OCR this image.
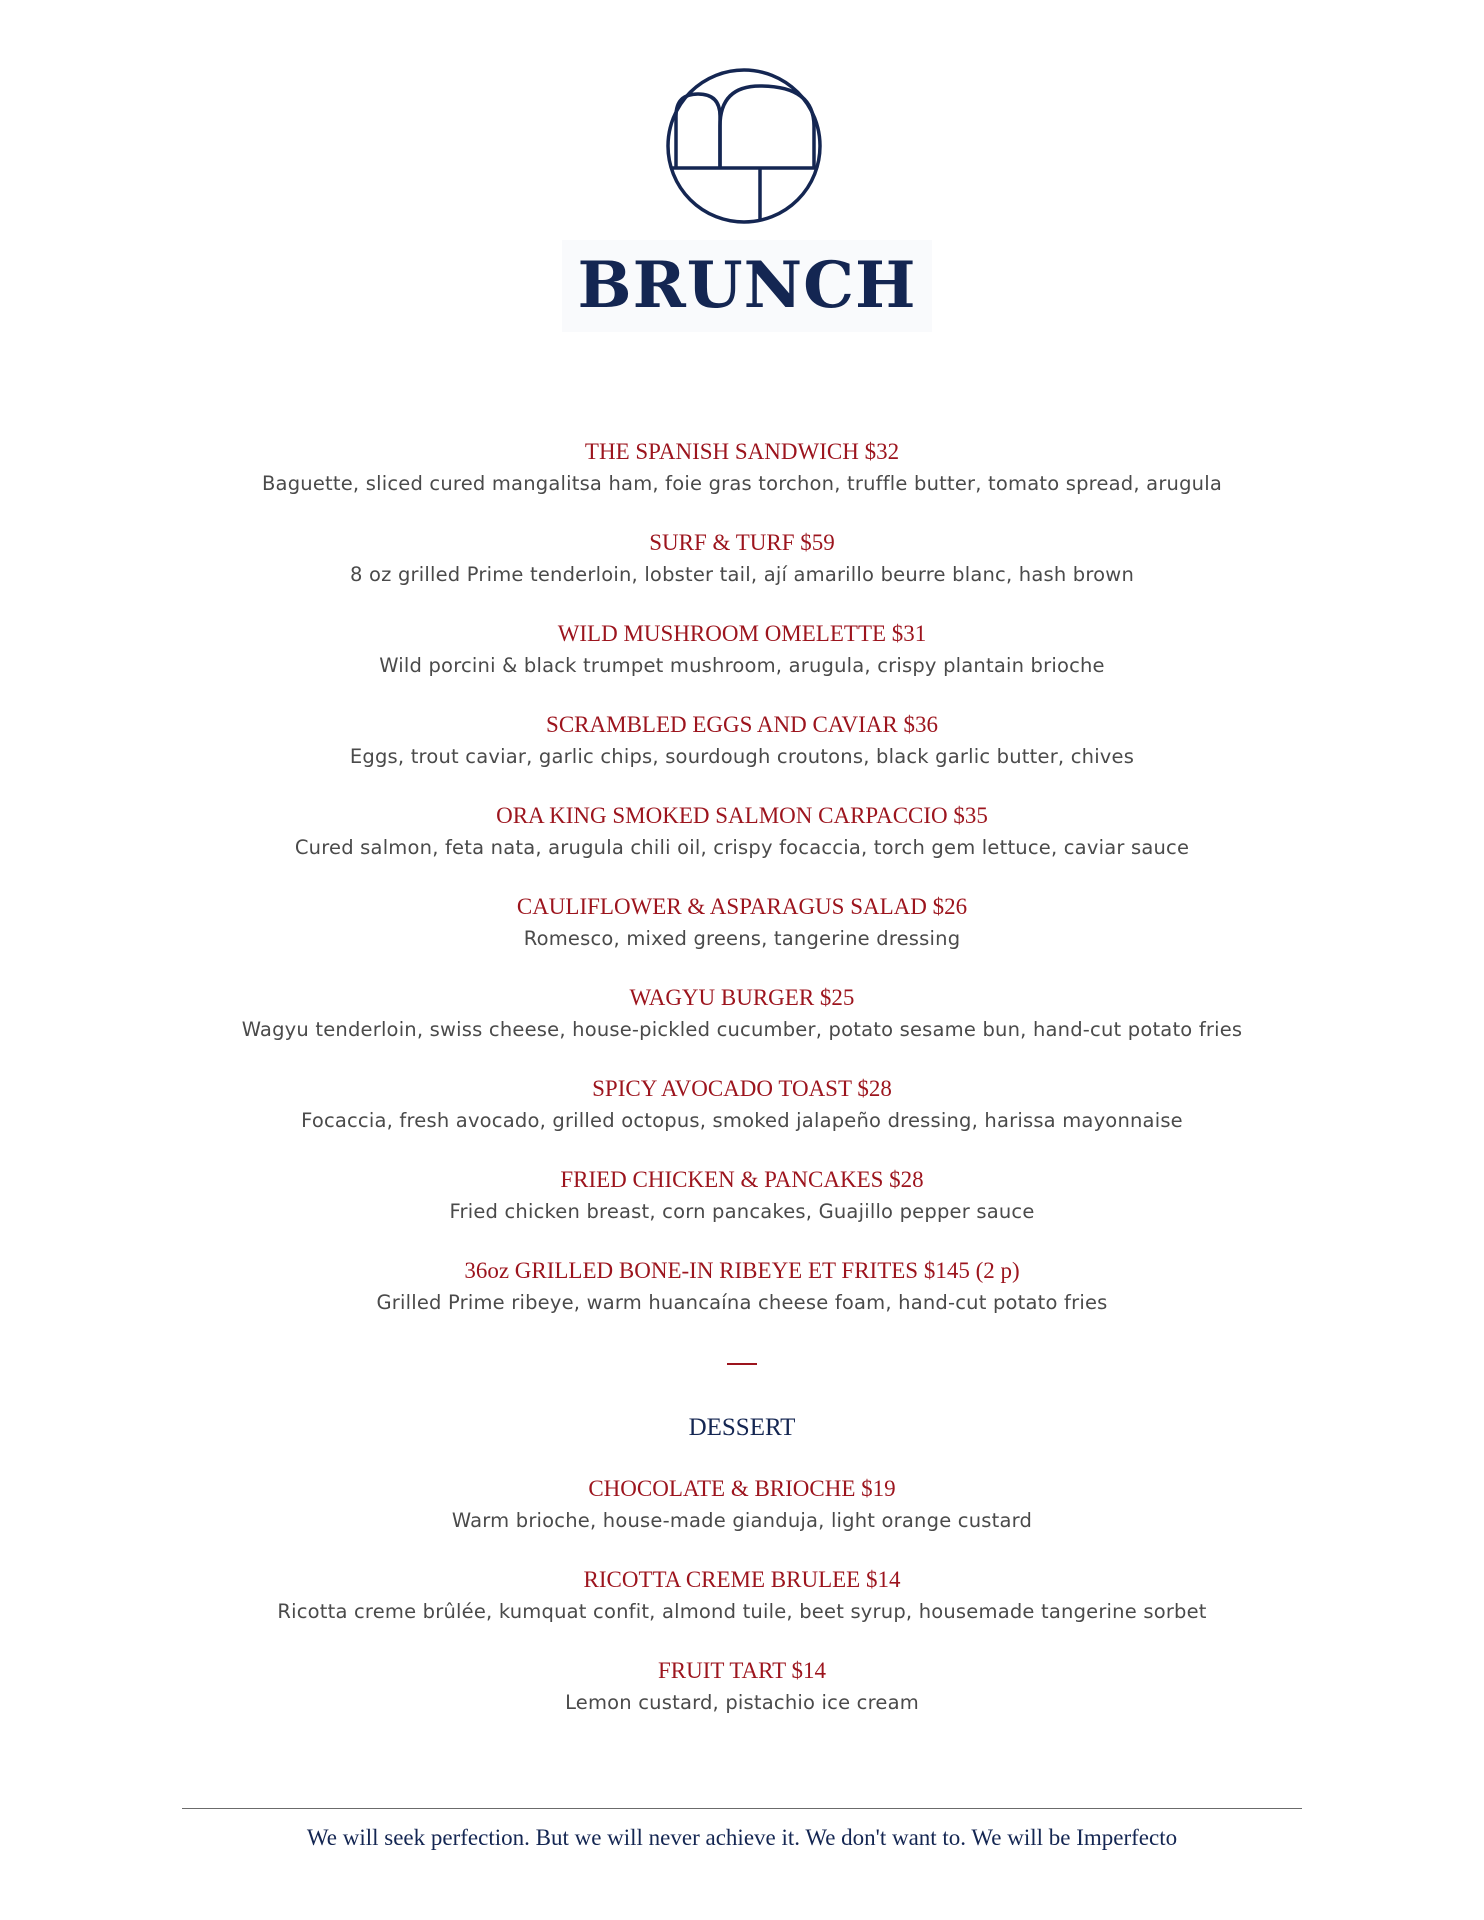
BRUNCH
THE SPANISH SANDWICH $32
Baguette, sliced cured mangalitsa ham, foie gras torchon, truffle butter, tomato spread, arugula
SURF & TURF $59
8 oz grilled Prime tenderloin, lobster tail, ají amarillo beurre blanc, hash brown
WILD MUSHROOM OMELETTE $31
Wild porcini & black trumpet mushroom, arugula, crispy plantain brioche
SCRAMBLED EGGS AND CAVIAR $36
Eggs, trout caviar, garlic chips, sourdough croutons, black garlic butter, chives
ORA KING SMOKED SALMON CARPACCIO $35
Cured salmon, feta nata, arugula chili oil, crispy focaccia, torch gem lettuce, caviar sauce
CAULIFLOWER & ASPARAGUS SALAD $26
Romesco, mixed greens, tangerine dressing
WAGYU BURGER $25
Wagyu tenderloin, swiss cheese, house-pickled cucumber, potato sesame bun, hand-cut potato fries
SPICY AVOCADO TOAST $28
Focaccia, fresh avocado, grilled octopus, smoked jalapeño dressing, harissa mayonnaise
FRIED CHICKEN & PANCAKES $28
Fried chicken breast, corn pancakes, Guajillo pepper sauce
36oz GRILLED BONE-IN RIBEYE ET FRITES $145 (2 p)
Grilled Prime ribeye, warm huancaína cheese foam, hand-cut potato fries
DESSERT
CHOCOLATE & BRIOCHE $19
Warm brioche, house-made gianduja, light orange custard
RICOTTA CREME BRULEE $14
Ricotta creme brûlée, kumquat confit, almond tuile, beet syrup, housemade tangerine sorbet
FRUIT TART $14
Lemon custard, pistachio ice cream
We will seek perfection. But we will never achieve it. We don't want to. We will be Imperfecto
